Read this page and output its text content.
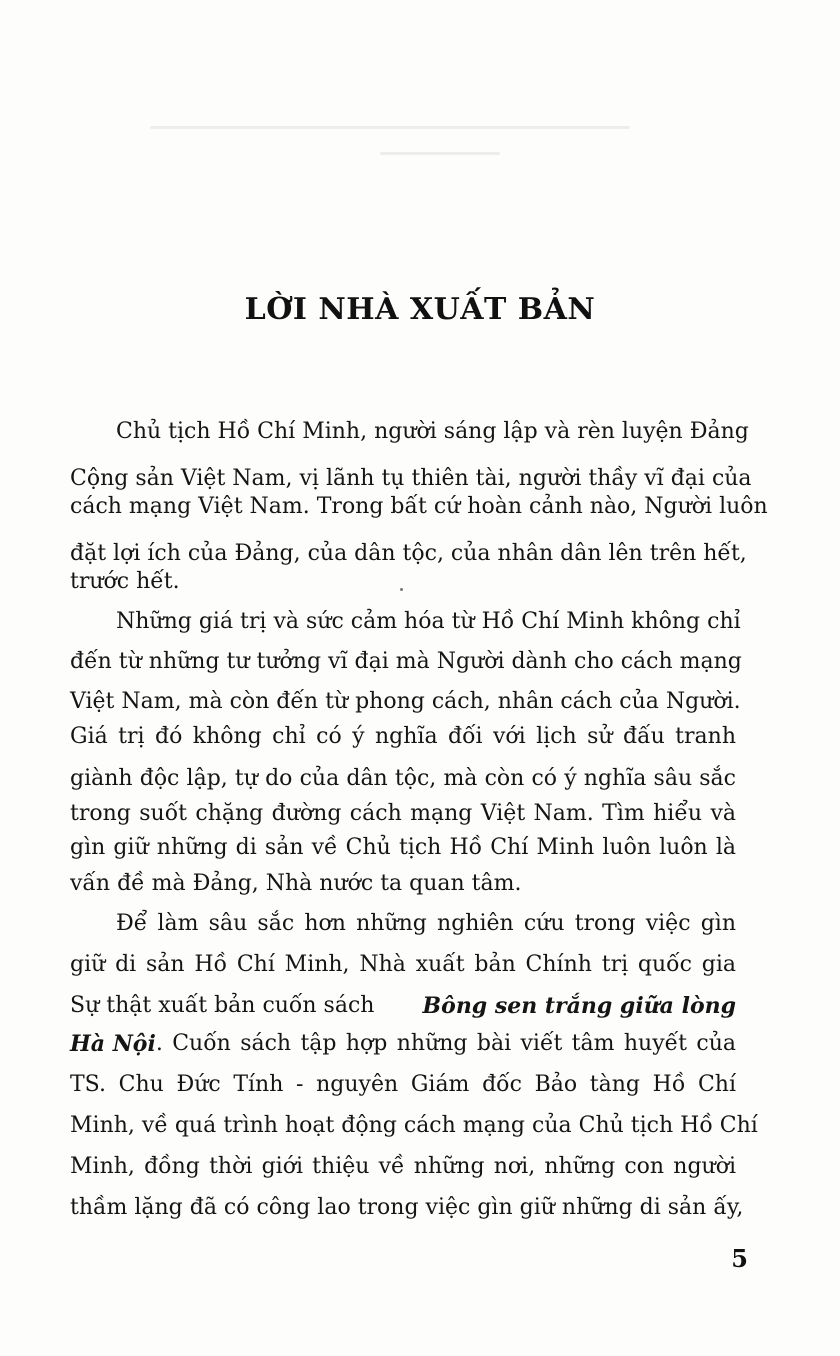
LỜI NHÀ XUẤT BẢN
Chủ tịch Hồ Chí Minh, người sáng lập và rèn luyện Đảng
Cộng sản Việt Nam, vị lãnh tụ thiên tài, người thầy vĩ đại của
cách mạng Việt Nam. Trong bất cứ hoàn cảnh nào, Người luôn
đặt lợi ích của Đảng, của dân tộc, của nhân dân lên trên hết,
trước hết.
Những giá trị và sức cảm hóa từ Hồ Chí Minh không chỉ
đến từ những tư tưởng vĩ đại mà Người dành cho cách mạng
Việt Nam, mà còn đến từ phong cách, nhân cách của Người.
Giá trị đó không chỉ có ý nghĩa đối với lịch sử đấu tranh
giành độc lập, tự do của dân tộc, mà còn có ý nghĩa sâu sắc
trong suốt chặng đường cách mạng Việt Nam. Tìm hiểu và
gìn giữ những di sản về Chủ tịch Hồ Chí Minh luôn luôn là
vấn đề mà Đảng, Nhà nước ta quan tâm.
Để làm sâu sắc hơn những nghiên cứu trong việc gìn
giữ di sản Hồ Chí Minh, Nhà xuất bản Chính trị quốc gia
Sự thật xuất bản cuốn sách Bông sen trắng giữa lòng
Hà Nội . Cuốn sách tập hợp những bài viết tâm huyết của
TS. Chu Đức Tính - nguyên Giám đốc Bảo tàng Hồ Chí
Minh, về quá trình hoạt động cách mạng của Chủ tịch Hồ Chí
Minh, đồng thời giới thiệu về những nơi, những con người
thầm lặng đã có công lao trong việc gìn giữ những di sản ấy,
5
